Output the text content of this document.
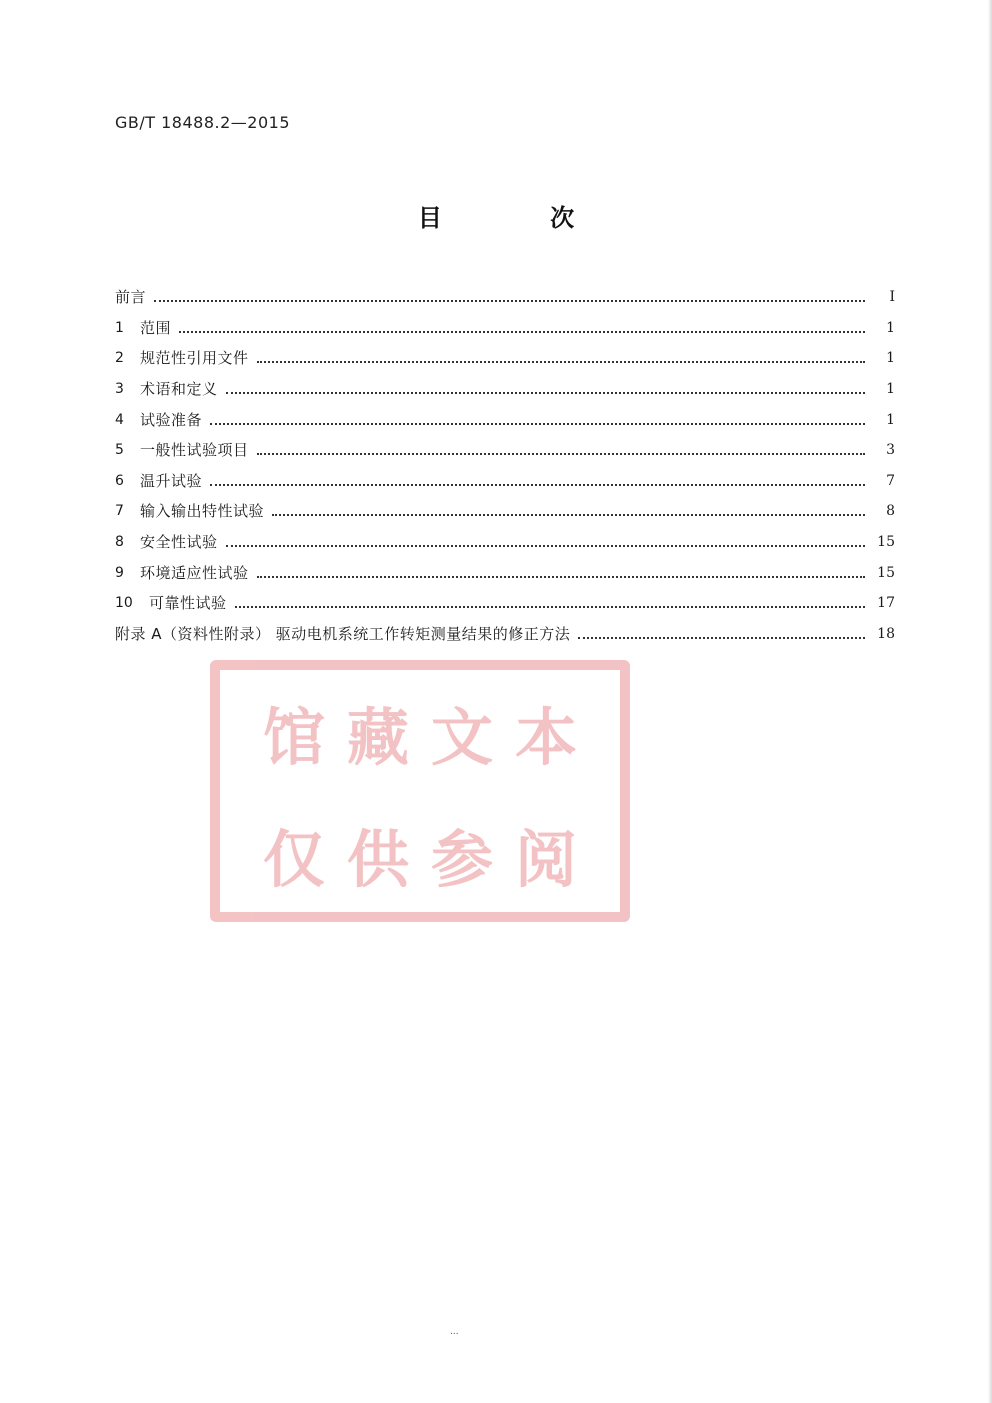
GB/T 18488.2—2015
目 次
前言	I
1	范围	1
2	规范性引用文件	1
3	术语和定义	1
4	试验准备	1
5	一般性试验项目	3
6	温升试验	7
7	输入输出特性试验	8
8	安全性试验	15
9	环境适应性试验	15
10	可靠性试验	17
附录 A（资料性附录） 驱动电机系统工作转矩测量结果的修正方法	18
馆藏文本
仅供参阅
...
